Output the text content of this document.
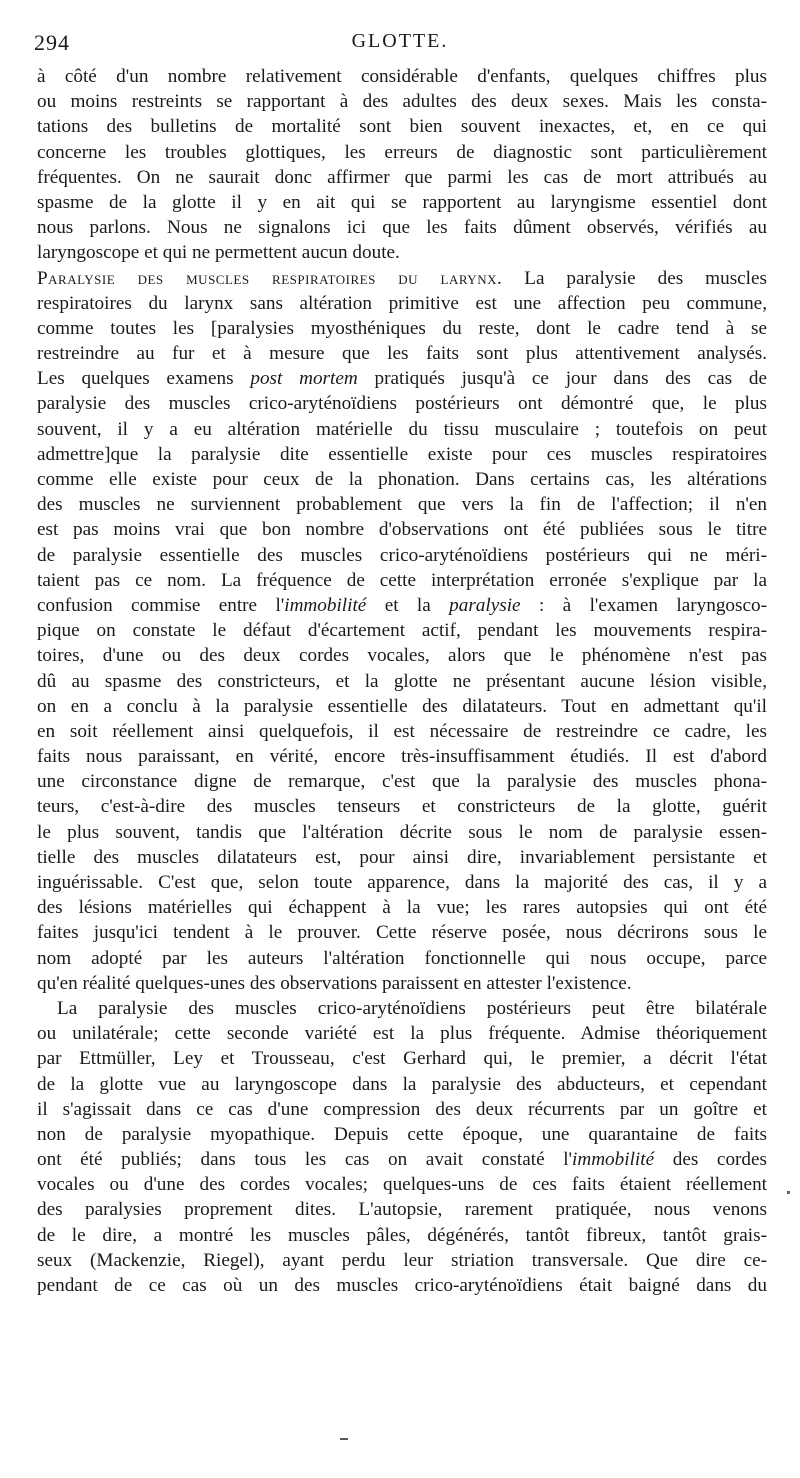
294	GLOTTE.
à côté d'un nombre relativement considérable d'enfants, quelques chiffres plus
ou moins restreints se rapportant à des adultes des deux sexes. Mais les consta-
tations des bulletins de mortalité sont bien souvent inexactes, et, en ce qui
concerne les troubles glottiques, les erreurs de diagnostic sont particulièrement
fréquentes. On ne saurait donc affirmer que parmi les cas de mort attribués au
spasme de la glotte il y en ait qui se rapportent au laryngisme essentiel dont
nous parlons. Nous ne signalons ici que les faits dûment observés, vérifiés au
laryngoscope et qui ne permettent aucun doute.
Paralysie des muscles respiratoires du larynx. La paralysie des muscles
respiratoires du larynx sans altération primitive est une affection peu commune,
comme toutes les [paralysies myosthéniques du reste, dont le cadre tend à se
restreindre au fur et à mesure que les faits sont plus attentivement analysés.
Les quelques examens post mortem pratiqués jusqu'à ce jour dans des cas de
paralysie des muscles crico-aryténoïdiens postérieurs ont démontré que, le plus
souvent, il y a eu altération matérielle du tissu musculaire ; toutefois on peut
admettre]que la paralysie dite essentielle existe pour ces muscles respiratoires
comme elle existe pour ceux de la phonation. Dans certains cas, les altérations
des muscles ne surviennent probablement que vers la fin de l'affection; il n'en
est pas moins vrai que bon nombre d'observations ont été publiées sous le titre
de paralysie essentielle des muscles crico-aryténoïdiens postérieurs qui ne méri-
taient pas ce nom. La fréquence de cette interprétation erronée s'explique par la
confusion commise entre l'immobilité et la paralysie : à l'examen laryngosco-
pique on constate le défaut d'écartement actif, pendant les mouvements respira-
toires, d'une ou des deux cordes vocales, alors que le phénomène n'est pas
dû au spasme des constricteurs, et la glotte ne présentant aucune lésion visible,
on en a conclu à la paralysie essentielle des dilatateurs. Tout en admettant qu'il
en soit réellement ainsi quelquefois, il est nécessaire de restreindre ce cadre, les
faits nous paraissant, en vérité, encore très-insuffisamment étudiés. Il est d'abord
une circonstance digne de remarque, c'est que la paralysie des muscles phona-
teurs, c'est-à-dire des muscles tenseurs et constricteurs de la glotte, guérit
le plus souvent, tandis que l'altération décrite sous le nom de paralysie essen-
tielle des muscles dilatateurs est, pour ainsi dire, invariablement persistante et
inguérissable. C'est que, selon toute apparence, dans la majorité des cas, il y a
des lésions matérielles qui échappent à la vue; les rares autopsies qui ont été
faites jusqu'ici tendent à le prouver. Cette réserve posée, nous décrirons sous le
nom adopté par les auteurs l'altération fonctionnelle qui nous occupe, parce
qu'en réalité quelques-unes des observations paraissent en attester l'existence.
La paralysie des muscles crico-aryténoïdiens postérieurs peut être bilatérale
ou unilatérale; cette seconde variété est la plus fréquente. Admise théoriquement
par Ettmüller, Ley et Trousseau, c'est Gerhard qui, le premier, a décrit l'état
de la glotte vue au laryngoscope dans la paralysie des abducteurs, et cependant
il s'agissait dans ce cas d'une compression des deux récurrents par un goître et
non de paralysie myopathique. Depuis cette époque, une quarantaine de faits
ont été publiés; dans tous les cas on avait constaté l'immobilité des cordes
vocales ou d'une des cordes vocales; quelques-uns de ces faits étaient réellement
des paralysies proprement dites. L'autopsie, rarement pratiquée, nous venons
de le dire, a montré les muscles pâles, dégénérés, tantôt fibreux, tantôt grais-
seux (Mackenzie, Riegel), ayant perdu leur striation transversale. Que dire ce-
pendant de ce cas où un des muscles crico-aryténoïdiens était baigné dans du
